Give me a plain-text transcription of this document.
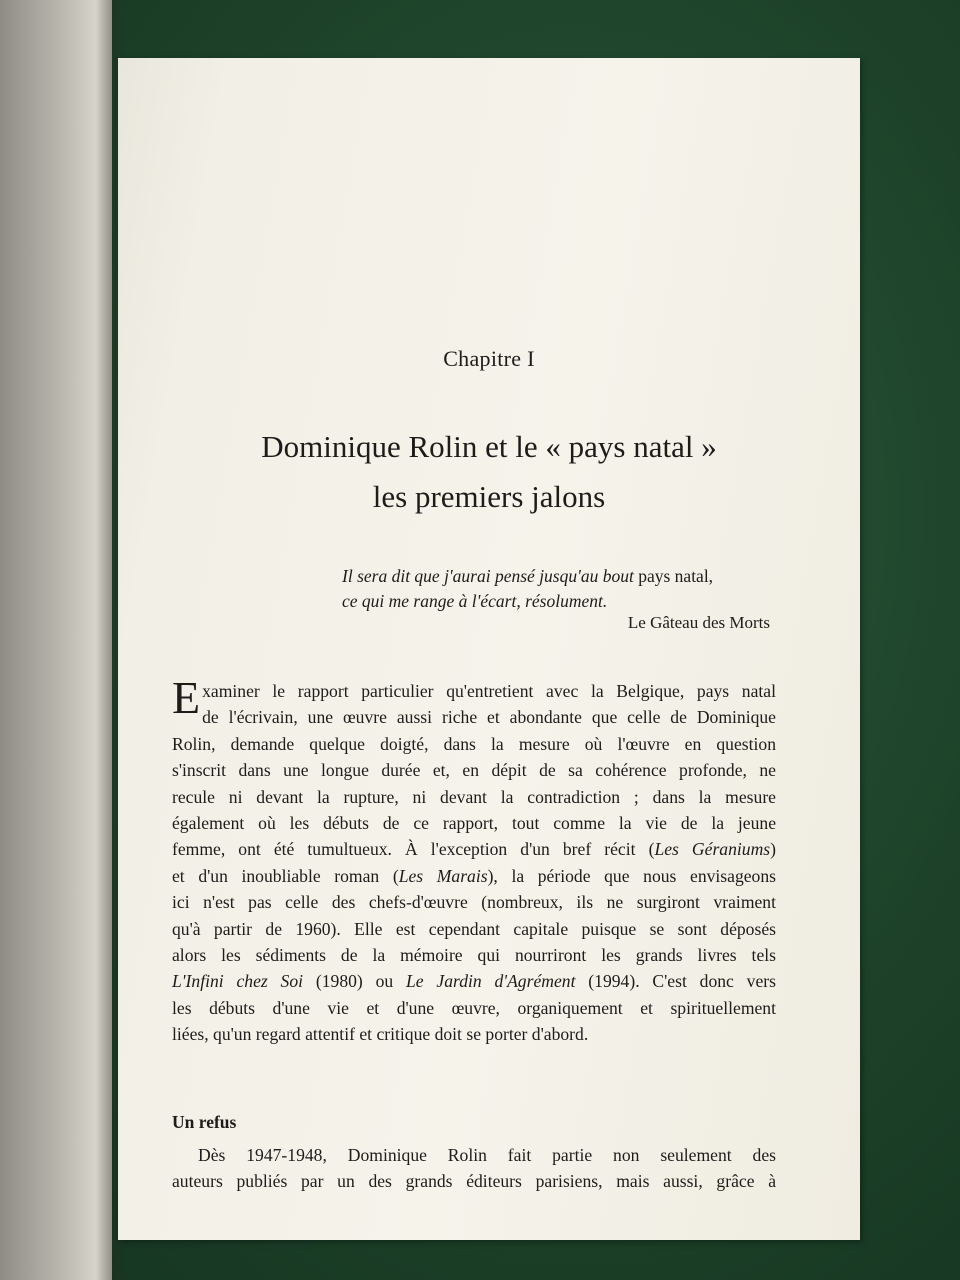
Chapitre I
Dominique Rolin et le « pays natal »
les premiers jalons
Il sera dit que j'aurai pensé jusqu'au bout pays natal,
ce qui me range à l'écart, résolument.
Le Gâteau des Morts
E xaminer le rapport particulier qu'entretient avec la Belgique, pays natal
de l'écrivain, une œuvre aussi riche et abondante que celle de Dominique
Rolin, demande quelque doigté, dans la mesure où l'œuvre en question
s'inscrit dans une longue durée et, en dépit de sa cohérence profonde, ne
recule ni devant la rupture, ni devant la contradiction ; dans la mesure
également où les débuts de ce rapport, tout comme la vie de la jeune
femme, ont été tumultueux. À l'exception d'un bref récit (Les Géraniums)
et d'un inoubliable roman (Les Marais), la période que nous envisageons
ici n'est pas celle des chefs-d'œuvre (nombreux, ils ne surgiront vraiment
qu'à partir de 1960). Elle est cependant capitale puisque se sont déposés
alors les sédiments de la mémoire qui nourriront les grands livres tels
L'Infini chez Soi (1980) ou Le Jardin d'Agrément (1994). C'est donc vers
les débuts d'une vie et d'une œuvre, organiquement et spirituellement
liées, qu'un regard attentif et critique doit se porter d'abord.
Un refus
Dès 1947-1948, Dominique Rolin fait partie non seulement des
auteurs publiés par un des grands éditeurs parisiens, mais aussi, grâce à
